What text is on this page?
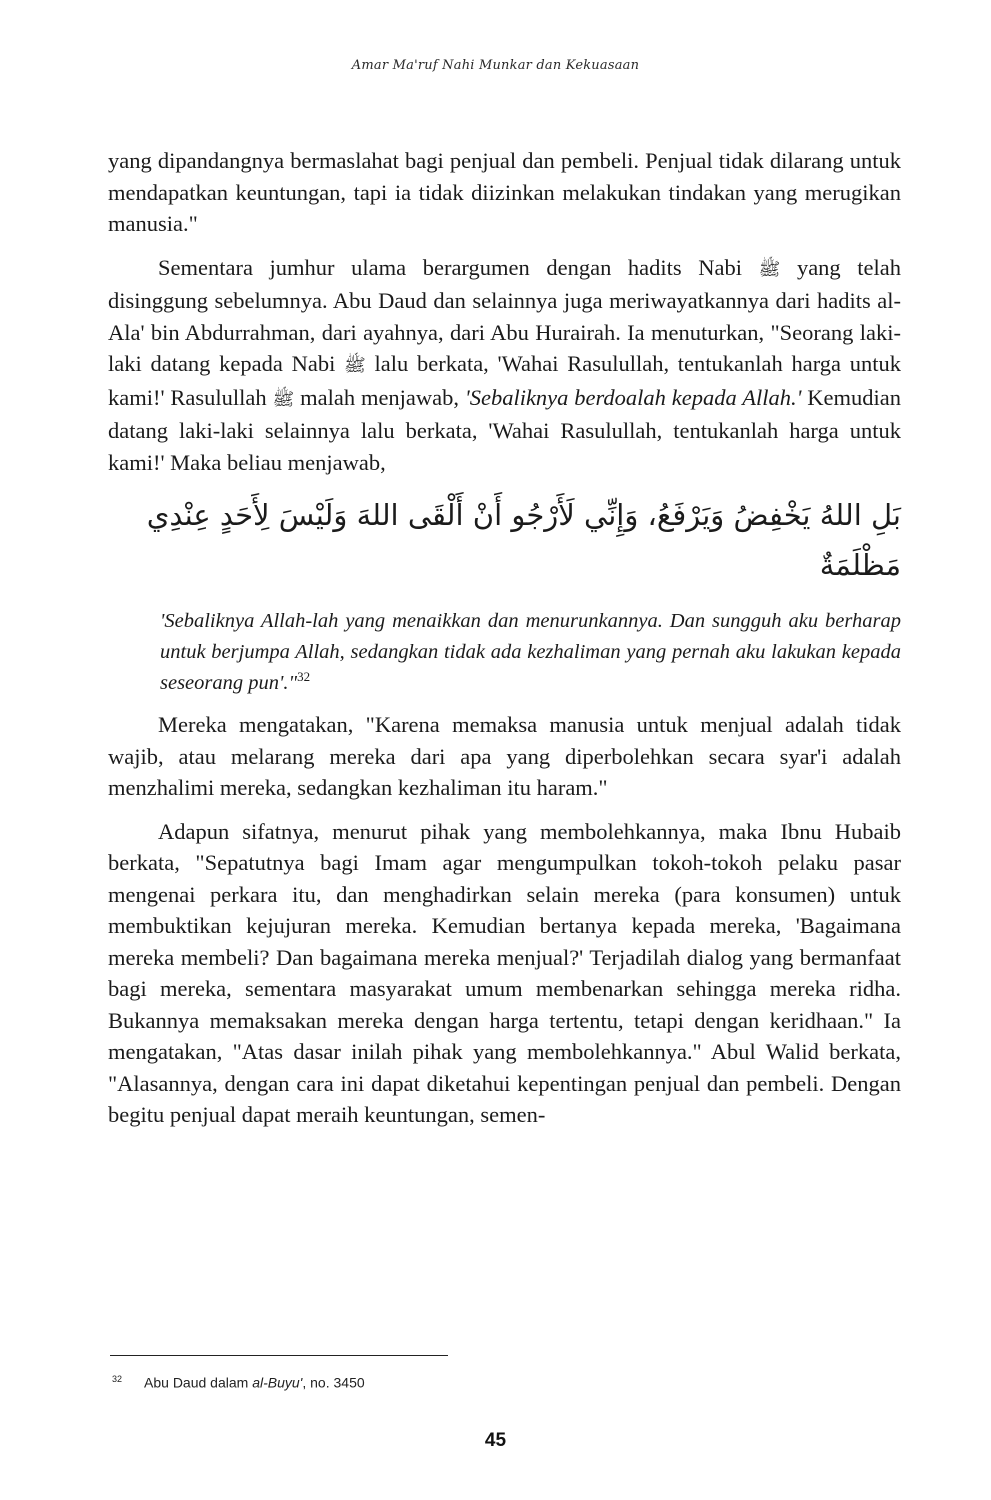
Amar Ma'ruf Nahi Munkar dan Kekuasaan

yang dipandangnya bermaslahat bagi penjual dan pembeli. Penjual tidak dilarang untuk mendapatkan keuntungan, tapi ia tidak diizinkan melakukan tindakan yang merugikan manusia."

Sementara jumhur ulama berargumen dengan hadits Nabi ﷺ yang telah disinggung sebelumnya. Abu Daud dan selainnya juga meriwayatkannya dari hadits al-Ala' bin Abdurrahman, dari ayahnya, dari Abu Hurairah. Ia menuturkan, "Seorang laki-laki datang kepada Nabi ﷺ lalu berkata, 'Wahai Rasulullah, tentukanlah harga untuk kami!' Rasulullah ﷺ malah menjawab, 'Sebaliknya berdoalah kepada Allah.' Kemudian datang laki-laki selainnya lalu berkata, 'Wahai Rasulullah, tentukanlah harga untuk kami!' Maka beliau menjawab,

بَلِ اللهُ يَخْفِضُ وَيَرْفَعُ، وَإِنِّي لَأَرْجُو أَنْ أَلْقَى اللهَ وَلَيْسَ لِأَحَدٍ عِنْدِي مَظْلَمَةٌ

'Sebaliknya Allah-lah yang menaikkan dan menurunkannya. Dan sungguh aku berharap untuk berjumpa Allah, sedangkan tidak ada kezhaliman yang pernah aku lakukan kepada seseorang pun'."$^{32}$

Mereka mengatakan, "Karena memaksa manusia untuk menjual adalah tidak wajib, atau melarang mereka dari apa yang diperbolehkan secara syar'i adalah menzhalimi mereka, sedangkan kezhaliman itu haram."

Adapun sifatnya, menurut pihak yang membolehkannya, maka Ibnu Hubaib berkata, "Sepatutnya bagi Imam agar mengumpulkan tokoh-tokoh pelaku pasar mengenai perkara itu, dan menghadirkan selain mereka (para konsumen) untuk membuktikan kejujuran mereka. Kemudian bertanya kepada mereka, 'Bagaimana mereka membeli? Dan bagaimana mereka menjual?' Terjadilah dialog yang bermanfaat bagi mereka, sementara masyarakat umum membenarkan sehingga mereka ridha. Bukannya memaksakan mereka dengan harga tertentu, tetapi dengan keridhaan." Ia mengatakan, "Atas dasar inilah pihak yang membolehkannya." Abul Walid berkata, "Alasannya, dengan cara ini dapat diketahui kepentingan penjual dan pembeli. Dengan begitu penjual dapat meraih keuntungan, semen-

$^{32}$ Abu Daud dalam al-Buyu', no. 3450
45
